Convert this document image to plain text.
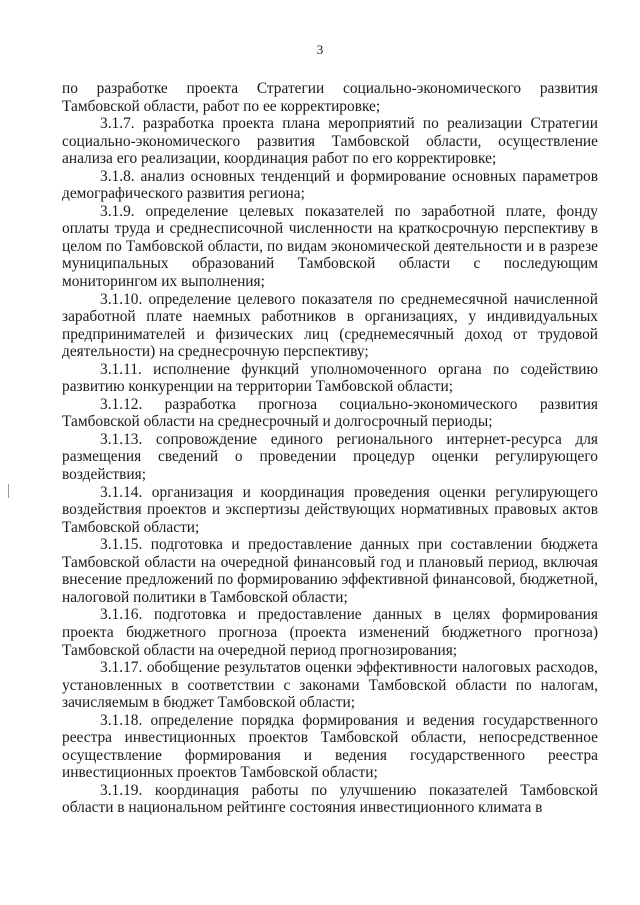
3

по разработке проекта Стратегии социально-экономического развития Тамбовской области, работ по ее корректировке;

3.1.7. разработка проекта плана мероприятий по реализации Стратегии социально-экономического развития Тамбовской области, осуществление анализа его реализации, координация работ по его корректировке;

3.1.8. анализ основных тенденций и формирование основных параметров демографического развития региона;

3.1.9. определение целевых показателей по заработной плате, фонду оплаты труда и среднесписочной численности на краткосрочную перспективу в целом по Тамбовской области, по видам экономической деятельности и в разрезе муниципальных образований Тамбовской области с последующим мониторингом их выполнения;

3.1.10. определение целевого показателя по среднемесячной начисленной заработной плате наемных работников в организациях, у индивидуальных предпринимателей и физических лиц (среднемесячный доход от трудовой деятельности) на среднесрочную перспективу;

3.1.11. исполнение функций уполномоченного органа по содействию развитию конкуренции на территории Тамбовской области;

3.1.12. разработка прогноза социально-экономического развития Тамбовской области на среднесрочный и долгосрочный периоды;

3.1.13. сопровождение единого регионального интернет-ресурса для размещения сведений о проведении процедур оценки регулирующего воздействия;

3.1.14. организация и координация проведения оценки регулирующего воздействия проектов и экспертизы действующих нормативных правовых актов Тамбовской области;

3.1.15. подготовка и предоставление данных при составлении бюджета Тамбовской области на очередной финансовый год и плановый период, включая внесение предложений по формированию эффективной финансовой, бюджетной, налоговой политики в Тамбовской области;

3.1.16. подготовка и предоставление данных в целях формирования проекта бюджетного прогноза (проекта изменений бюджетного прогноза) Тамбовской области на очередной период прогнозирования;

3.1.17. обобщение результатов оценки эффективности налоговых расходов, установленных в соответствии с законами Тамбовской области по налогам, зачисляемым в бюджет Тамбовской области;

3.1.18. определение порядка формирования и ведения государственного реестра инвестиционных проектов Тамбовской области, непосредственное осуществление формирования и ведения государственного реестра инвестиционных проектов Тамбовской области;

3.1.19. координация работы по улучшению показателей Тамбовской области в национальном рейтинге состояния инвестиционного климата в
